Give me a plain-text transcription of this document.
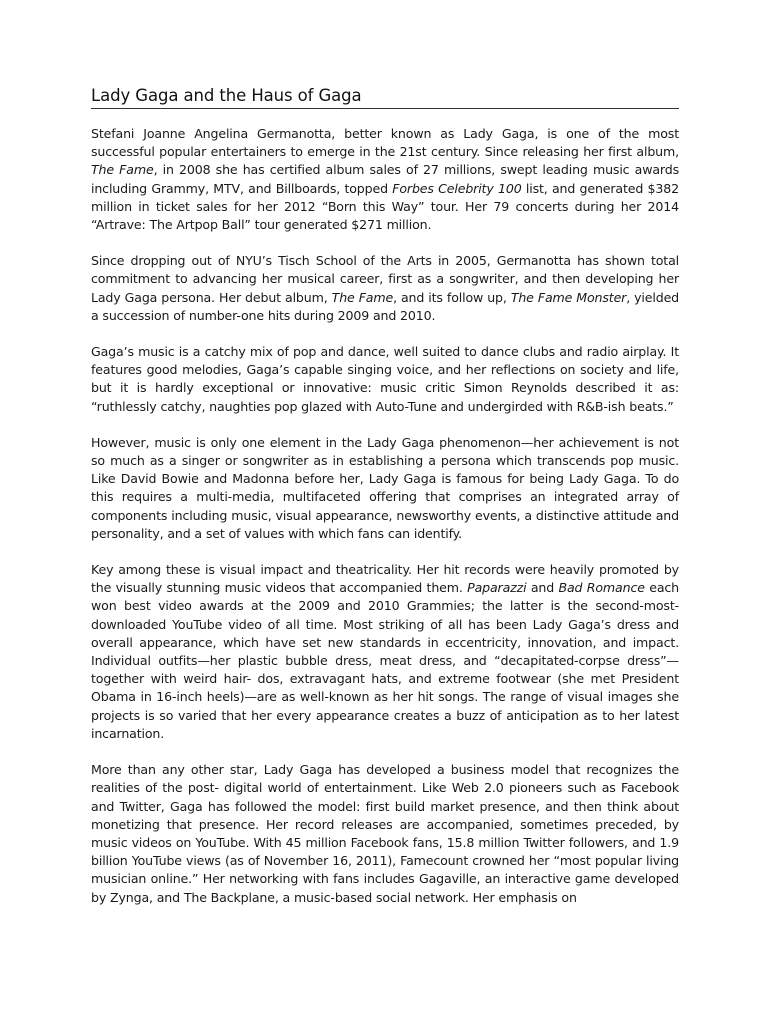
Lady Gaga and the Haus of Gaga

Stefani Joanne Angelina Germanotta, better known as Lady Gaga, is one of the most successful popular entertainers to emerge in the 21st century. Since releasing her first album, The Fame, in 2008 she has certified album sales of 27 millions, swept leading music awards including Grammy, MTV, and Billboards, topped Forbes Celebrity 100 list, and generated $382 million in ticket sales for her 2012 “Born this Way” tour. Her 79 concerts during her 2014 “Artrave: The Artpop Ball” tour generated $271 million.

Since dropping out of NYU’s Tisch School of the Arts in 2005, Germanotta has shown total commitment to advancing her musical career, first as a songwriter, and then developing her Lady Gaga persona. Her debut album, The Fame, and its follow up, The Fame Monster, yielded a succession of number-one hits during 2009 and 2010.

Gaga’s music is a catchy mix of pop and dance, well suited to dance clubs and radio airplay. It features good melodies, Gaga’s capable singing voice, and her reflections on society and life, but it is hardly exceptional or innovative: music critic Simon Reynolds described it as: “ruthlessly catchy, naughties pop glazed with Auto-Tune and undergirded with R&B-ish beats.”

However, music is only one element in the Lady Gaga phenomenon—her achievement is not so much as a singer or songwriter as in establishing a persona which transcends pop music. Like David Bowie and Madonna before her, Lady Gaga is famous for being Lady Gaga. To do this requires a multi-media, multifaceted offering that comprises an integrated array of components including music, visual appearance, newsworthy events, a distinctive attitude and personality, and a set of values with which fans can identify.

Key among these is visual impact and theatricality. Her hit records were heavily promoted by the visually stunning music videos that accompanied them. Paparazzi and Bad Romance each won best video awards at the 2009 and 2010 Grammies; the latter is the second-most-downloaded YouTube video of all time. Most striking of all has been Lady Gaga’s dress and overall appearance, which have set new standards in eccentricity, innovation, and impact. Individual outfits—her plastic bubble dress, meat dress, and “decapitated-corpse dress”—together with weird hair- dos, extravagant hats, and extreme footwear (she met President Obama in 16-inch heels)—are as well-known as her hit songs. The range of visual images she projects is so varied that her every appearance creates a buzz of anticipation as to her latest incarnation.

More than any other star, Lady Gaga has developed a business model that recognizes the realities of the post- digital world of entertainment. Like Web 2.0 pioneers such as Facebook and Twitter, Gaga has followed the model: first build market presence, and then think about monetizing that presence. Her record releases are accompanied, sometimes preceded, by music videos on YouTube. With 45 million Facebook fans, 15.8 million Twitter followers, and 1.9 billion YouTube views (as of November 16, 2011), Famecount crowned her “most popular living musician online.” Her networking with fans includes Gagaville, an interactive game developed by Zynga, and The Backplane, a music-based social network. Her emphasis on
